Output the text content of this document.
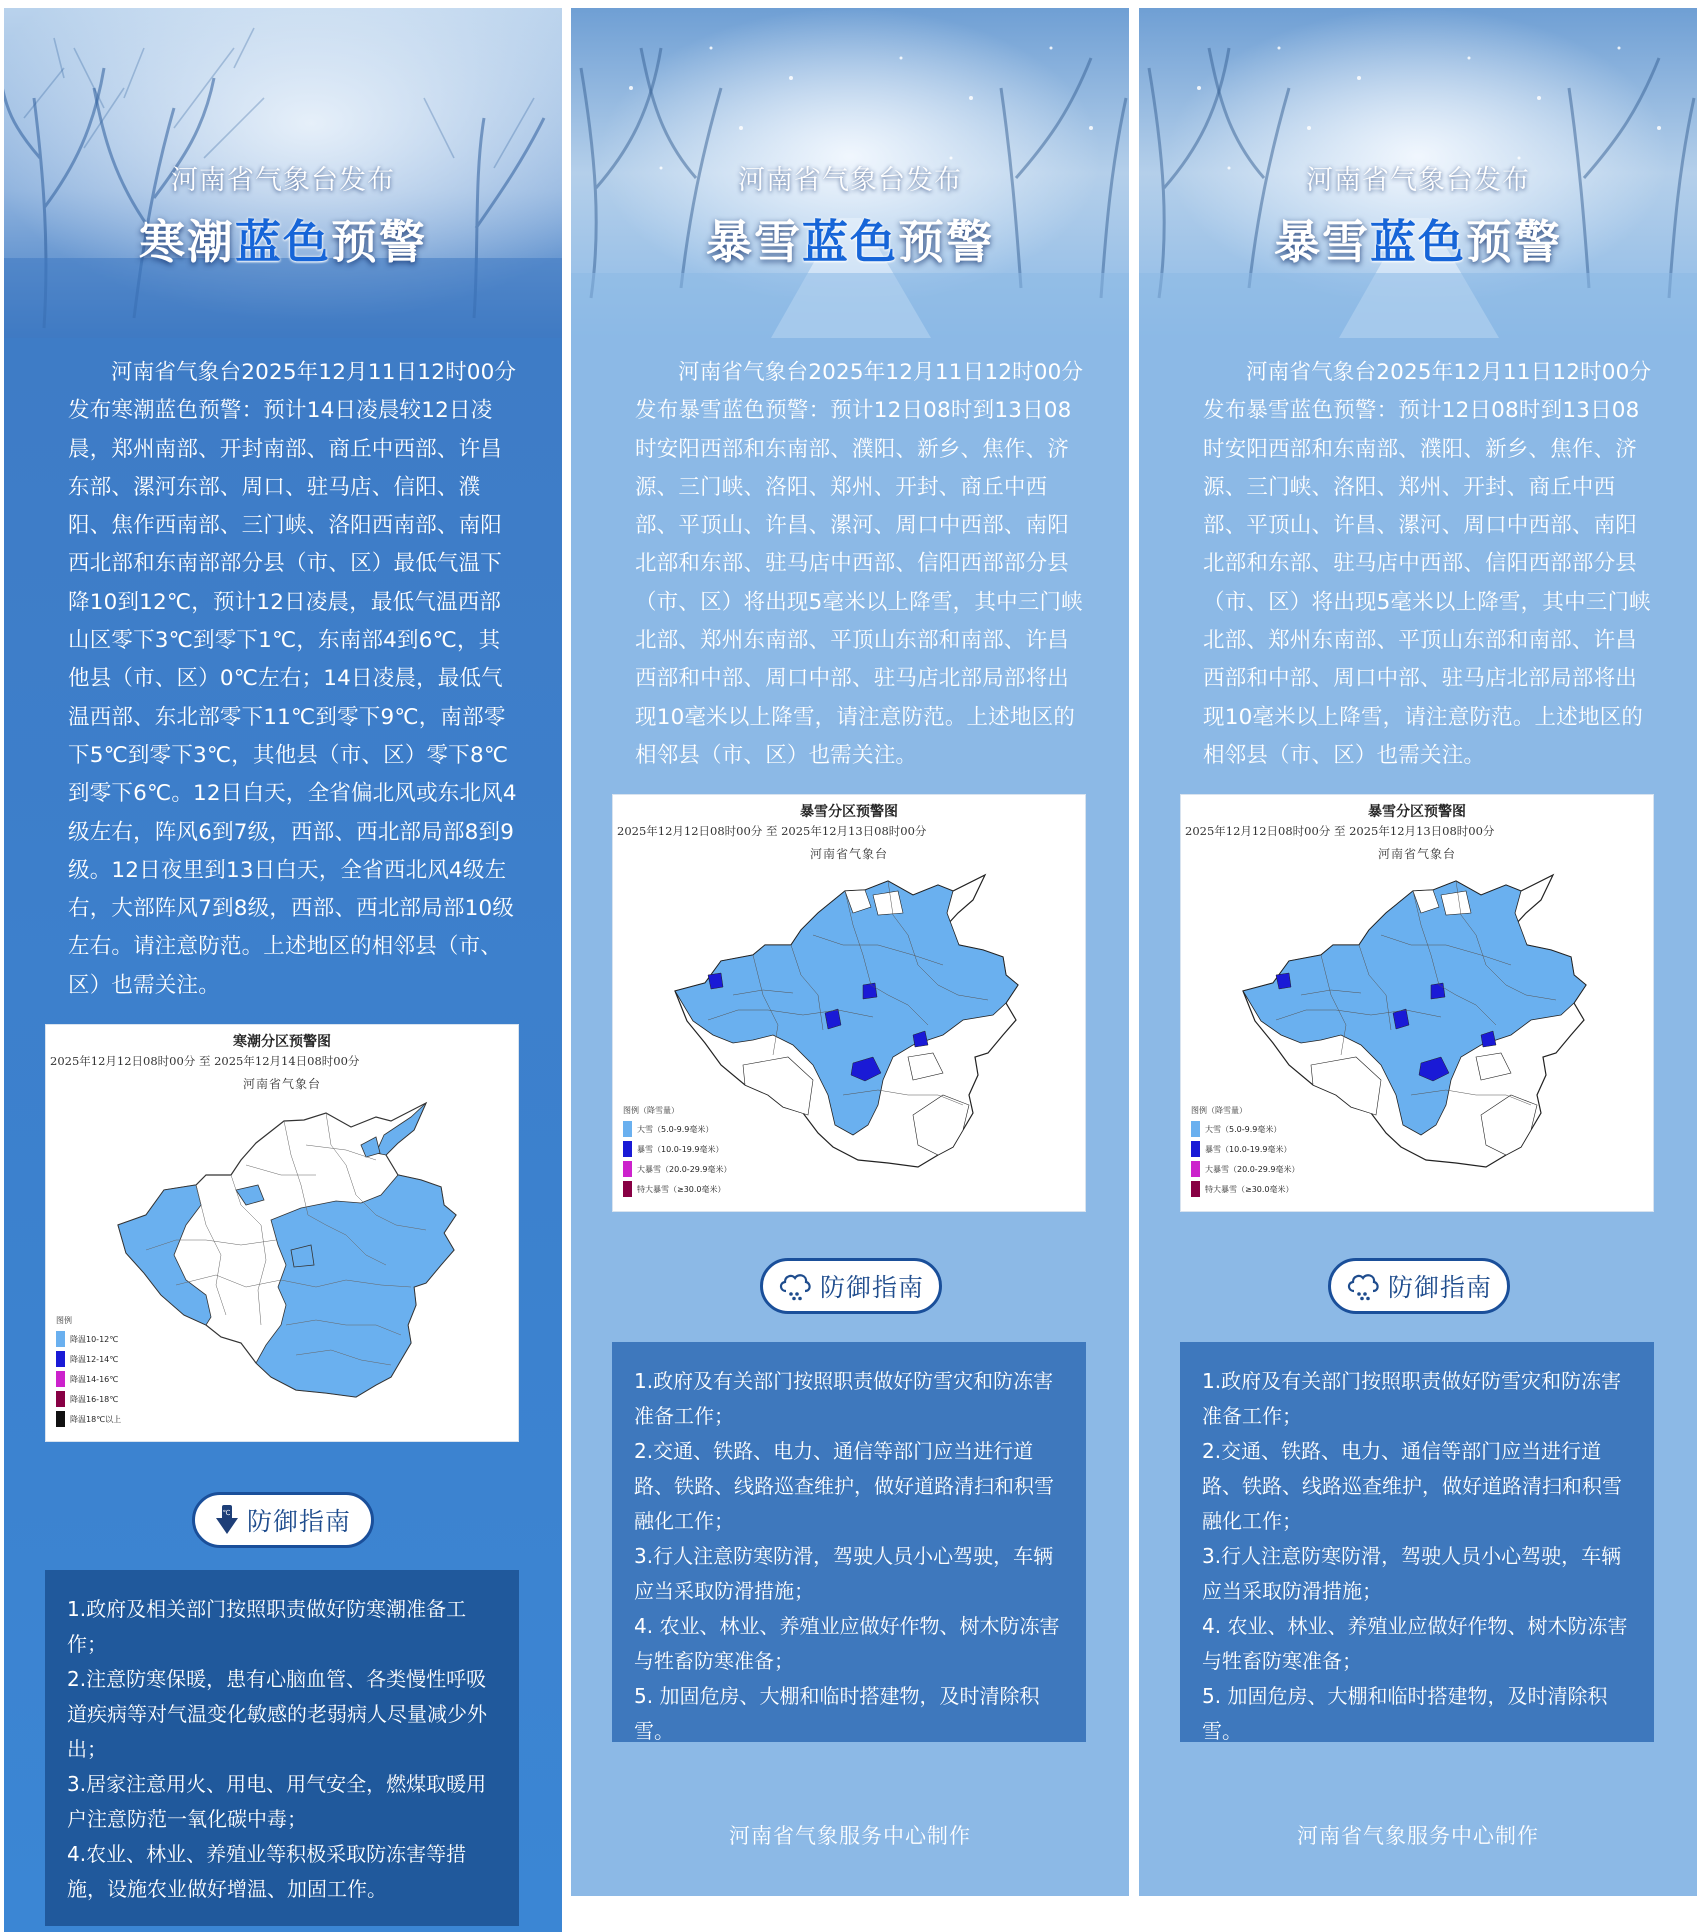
河南省气象台发布
寒潮蓝色预警
河南省气象台2025年12月11日12时00分发布寒潮蓝色预警：预计14日凌晨较12日凌晨，郑州南部、开封南部、商丘中西部、许昌东部、漯河东部、周口、驻马店、信阳、濮阳、焦作西南部、三门峡、洛阳西南部、南阳西北部和东南部部分县（市、区）最低气温下降10到12℃，预计12日凌晨，最低气温西部山区零下3℃到零下1℃，东南部4到6℃，其他县（市、区）0℃左右；14日凌晨，最低气温西部、东北部零下11℃到零下9℃，南部零下5℃到零下3℃，其他县（市、区）零下8℃到零下6℃。12日白天，全省偏北风或东北风4级左右，阵风6到7级，西部、西北部局部8到9级。12日夜里到13日白天，全省西北风4级左右，大部阵风7到8级，西部、西北部局部10级左右。请注意防范。上述地区的相邻县（市、区）也需关注。
寒潮分区预警图
2025年12月12日08时00分 至 2025年12月14日08时00分
河南省气象台
图例
降温10-12℃
降温12-14℃
降温14-16℃
降温16-18℃
降温18℃以上
℃ 防御指南

1.政府及相关部门按照职责做好防寒潮准备工作；

2.注意防寒保暖，患有心脑血管、各类慢性呼吸道疾病等对气温变化敏感的老弱病人尽量减少外出；

3.居家注意用火、用电、用气安全，燃煤取暖用户注意防范一氧化碳中毒；

4.农业、林业、养殖业等积极采取防冻害等措施，设施农业做好增温、加固工作。

河南省气象台发布
暴雪蓝色预警
河南省气象台2025年12月11日12时00分发布暴雪蓝色预警：预计12日08时到13日08时安阳西部和东南部、濮阳、新乡、焦作、济源、三门峡、洛阳、郑州、开封、商丘中西部、平顶山、许昌、漯河、周口中西部、南阳北部和东部、驻马店中西部、信阳西部部分县（市、区）将出现5毫米以上降雪，其中三门峡北部、郑州东南部、平顶山东部和南部、许昌西部和中部、周口中部、驻马店北部局部将出现10毫米以上降雪，请注意防范。上述地区的相邻县（市、区）也需关注。
暴雪分区预警图
2025年12月12日08时00分 至 2025年12月13日08时00分
河南省气象台
图例（降雪量）
大雪（5.0-9.9毫米）
暴雪（10.0-19.9毫米）
大暴雪（20.0-29.9毫米）
特大暴雪（≥30.0毫米）
防御指南

1.政府及有关部门按照职责做好防雪灾和防冻害准备工作；

2.交通、铁路、电力、通信等部门应当进行道路、铁路、线路巡查维护，做好道路清扫和积雪融化工作；

3.行人注意防寒防滑，驾驶人员小心驾驶，车辆应当采取防滑措施；

4. 农业、林业、养殖业应做好作物、树木防冻害与牲畜防寒准备；

5. 加固危房、大棚和临时搭建物，及时清除积雪。

河南省气象服务中心制作
河南省气象台发布
暴雪蓝色预警
河南省气象台2025年12月11日12时00分发布暴雪蓝色预警：预计12日08时到13日08时安阳西部和东南部、濮阳、新乡、焦作、济源、三门峡、洛阳、郑州、开封、商丘中西部、平顶山、许昌、漯河、周口中西部、南阳北部和东部、驻马店中西部、信阳西部部分县（市、区）将出现5毫米以上降雪，其中三门峡北部、郑州东南部、平顶山东部和南部、许昌西部和中部、周口中部、驻马店北部局部将出现10毫米以上降雪，请注意防范。上述地区的相邻县（市、区）也需关注。
暴雪分区预警图
2025年12月12日08时00分 至 2025年12月13日08时00分
河南省气象台
图例（降雪量）
大雪（5.0-9.9毫米）
暴雪（10.0-19.9毫米）
大暴雪（20.0-29.9毫米）
特大暴雪（≥30.0毫米）
防御指南

1.政府及有关部门按照职责做好防雪灾和防冻害准备工作；

2.交通、铁路、电力、通信等部门应当进行道路、铁路、线路巡查维护，做好道路清扫和积雪融化工作；

3.行人注意防寒防滑，驾驶人员小心驾驶，车辆应当采取防滑措施；

4. 农业、林业、养殖业应做好作物、树木防冻害与牲畜防寒准备；

5. 加固危房、大棚和临时搭建物，及时清除积雪。

河南省气象服务中心制作
